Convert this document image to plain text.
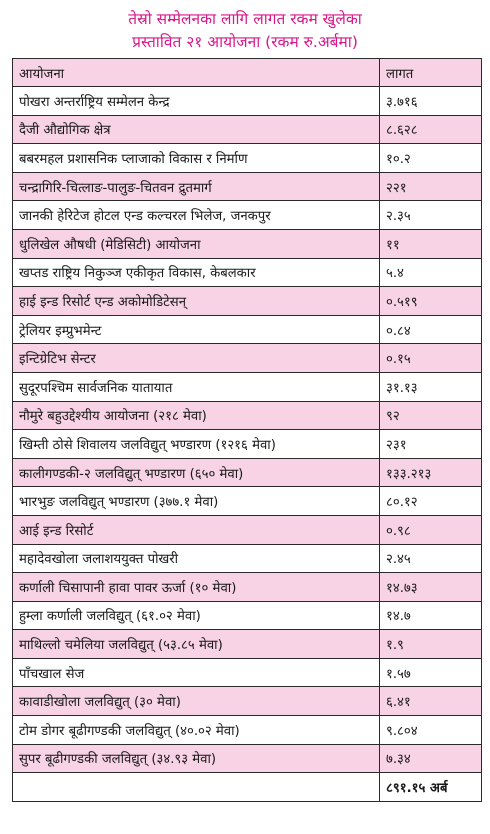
तेस्रो सम्मेलनका लागि लागत रकम खुलेका
प्रस्तावित २१ आयोजना (रकम रु.अर्बमा)
आयोजना	लागत
पोखरा अन्तर्राष्ट्रिय सम्मेलन केन्द्र	३.७१६
दैजी औद्योगिक क्षेत्र	८.६२८
बबरमहल प्रशासनिक प्लाजाको विकास र निर्माण	१०.२
चन्द्रागिरि-चित्लाङ-पालुङ-चितवन द्रुतमार्ग	२२१
जानकी हेरिटेज होटल एन्ड कल्चरल भिलेज, जनकपुर	२.३५
धुलिखेल औषधी (मेडिसिटी) आयोजना	११
खप्तड राष्ट्रिय निकुञ्ज एकीकृत विकास, केबलकार	५.४
हाई इन्ड रिसोर्ट एन्ड अकोमोडिटेसन्	०.५१९
ट्रेलियर इम्प्रुभमेन्ट	०.८४
इन्टिग्रेटिभ सेन्टर	०.१५
सुदूरपश्चिम सार्वजनिक यातायात	३१.१३
नौमुरे बहुउद्देश्यीय आयोजना (२१८ मेवा)	९२
खिम्ती ठोसे शिवालय जलविद्युत् भण्डारण (१२१६ मेवा)	२३१
कालीगण्डकी-२ जलविद्युत् भण्डारण (६५० मेवा)	१३३.२१३
भारभुङ जलविद्युत् भण्डारण (३७७.१ मेवा)	८०.१२
आई इन्ड रिसोर्ट	०.९८
महादेवखोला जलाशययुक्त पोखरी	२.४५
कर्णाली चिसापानी हावा पावर ऊर्जा (१० मेवा)	१४.७३
हुम्ला कर्णाली जलविद्युत् (६१.०२ मेवा)	१४.७
माथिल्लो चमेलिया जलविद्युत् (५३.८५ मेवा)	१.९
पाँचखाल सेज	१.५७
कावाडीखोला जलविद्युत् (३० मेवा)	६.४१
टोम डोगर बूढीगण्डकी जलविद्युत् (४०.०२ मेवा)	९.८०४
सुपर बूढीगण्डकी जलविद्युत् (३४.९३ मेवा)	७.३४
	८९१.१५ अर्ब
